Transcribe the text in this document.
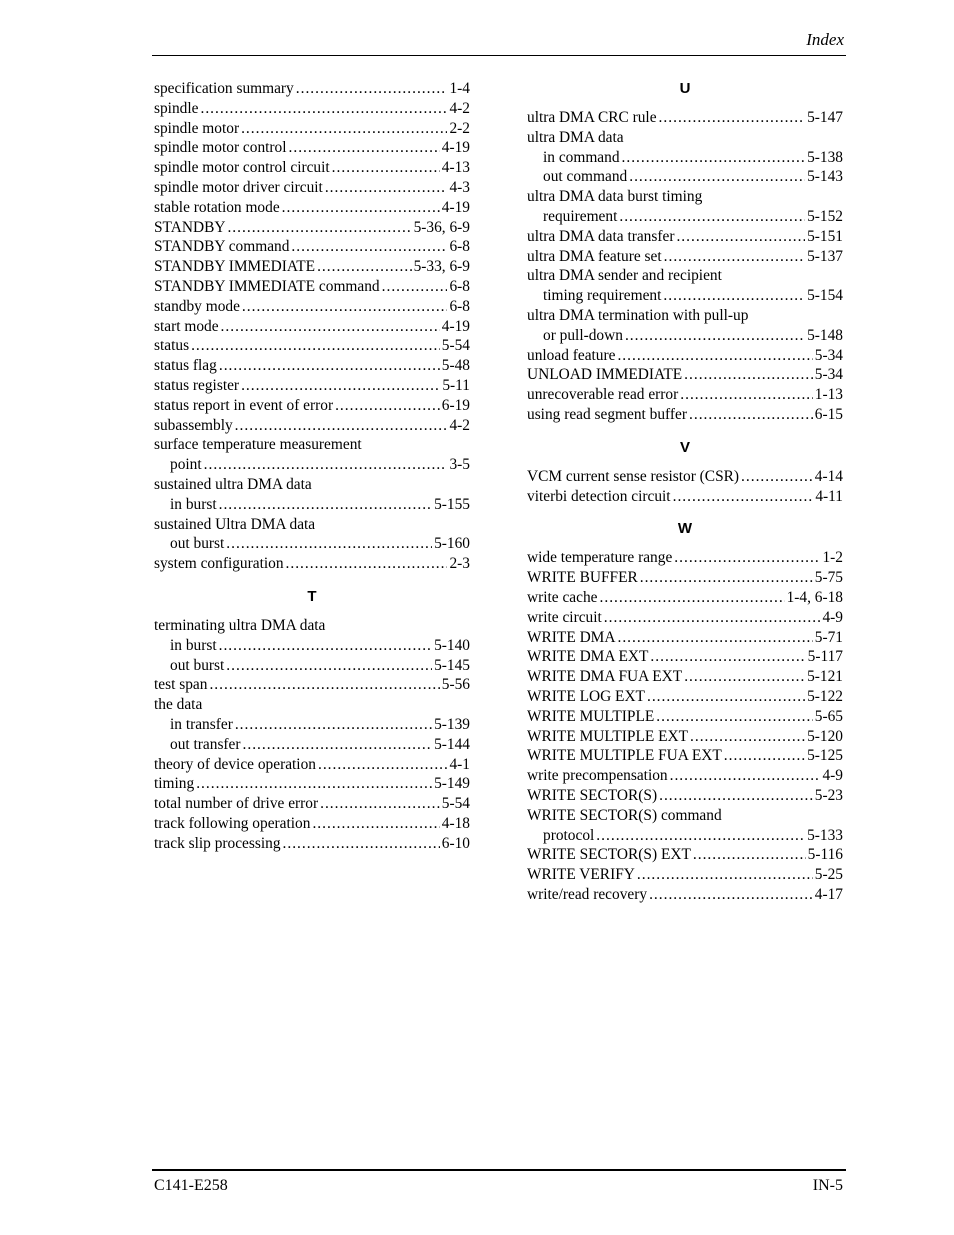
Index
specification summary .....	1-4
spindle .....	4-2
spindle motor .....	2-2
spindle motor control .....	4-19
spindle motor control circuit .....	4-13
spindle motor driver circuit .....	4-3
stable rotation mode .....	4-19
STANDBY .....	5-36, 6-9
STANDBY command .....	6-8
STANDBY IMMEDIATE .....	5-33, 6-9
STANDBY IMMEDIATE command .....	6-8
standby mode .....	6-8
start mode .....	4-19
status .....	5-54
status flag .....	5-48
status register .....	5-11
status report in event of error .....	6-19
subassembly .....	4-2
surface temperature measurement
point .....	3-5
sustained ultra DMA data
in burst .....	5-155
sustained Ultra DMA data
out burst .....	5-160
system configuration .....	2-3
T
terminating ultra DMA data
in burst .....	5-140
out burst .....	5-145
test span .....	5-56
the data
in transfer .....	5-139
out transfer .....	5-144
theory of device operation .....	4-1
timing .....	5-149
total number of drive error .....	5-54
track following operation .....	4-18
track slip processing .....	6-10
U
ultra DMA CRC rule .....	5-147
ultra DMA data
in command .....	5-138
out command .....	5-143
ultra DMA data burst timing
requirement .....	5-152
ultra DMA data transfer .....	5-151
ultra DMA feature set .....	5-137
ultra DMA sender and recipient
timing requirement .....	5-154
ultra DMA termination with pull-up
or pull-down .....	5-148
unload feature .....	5-34
UNLOAD IMMEDIATE .....	5-34
unrecoverable read error .....	1-13
using read segment buffer .....	6-15
V
VCM current sense resistor (CSR) .....	4-14
viterbi detection circuit .....	4-11
W
wide temperature range .....	1-2
WRITE BUFFER .....	5-75
write cache .....	1-4, 6-18
write circuit .....	4-9
WRITE DMA .....	5-71
WRITE DMA EXT .....	5-117
WRITE DMA FUA EXT .....	5-121
WRITE LOG EXT .....	5-122
WRITE MULTIPLE .....	5-65
WRITE MULTIPLE EXT .....	5-120
WRITE MULTIPLE FUA EXT .....	5-125
write precompensation .....	4-9
WRITE SECTOR(S) .....	5-23
WRITE SECTOR(S) command
protocol .....	5-133
WRITE SECTOR(S) EXT .....	5-116
WRITE VERIFY .....	5-25
write/read recovery .....	4-17
C141-E258	IN-5
